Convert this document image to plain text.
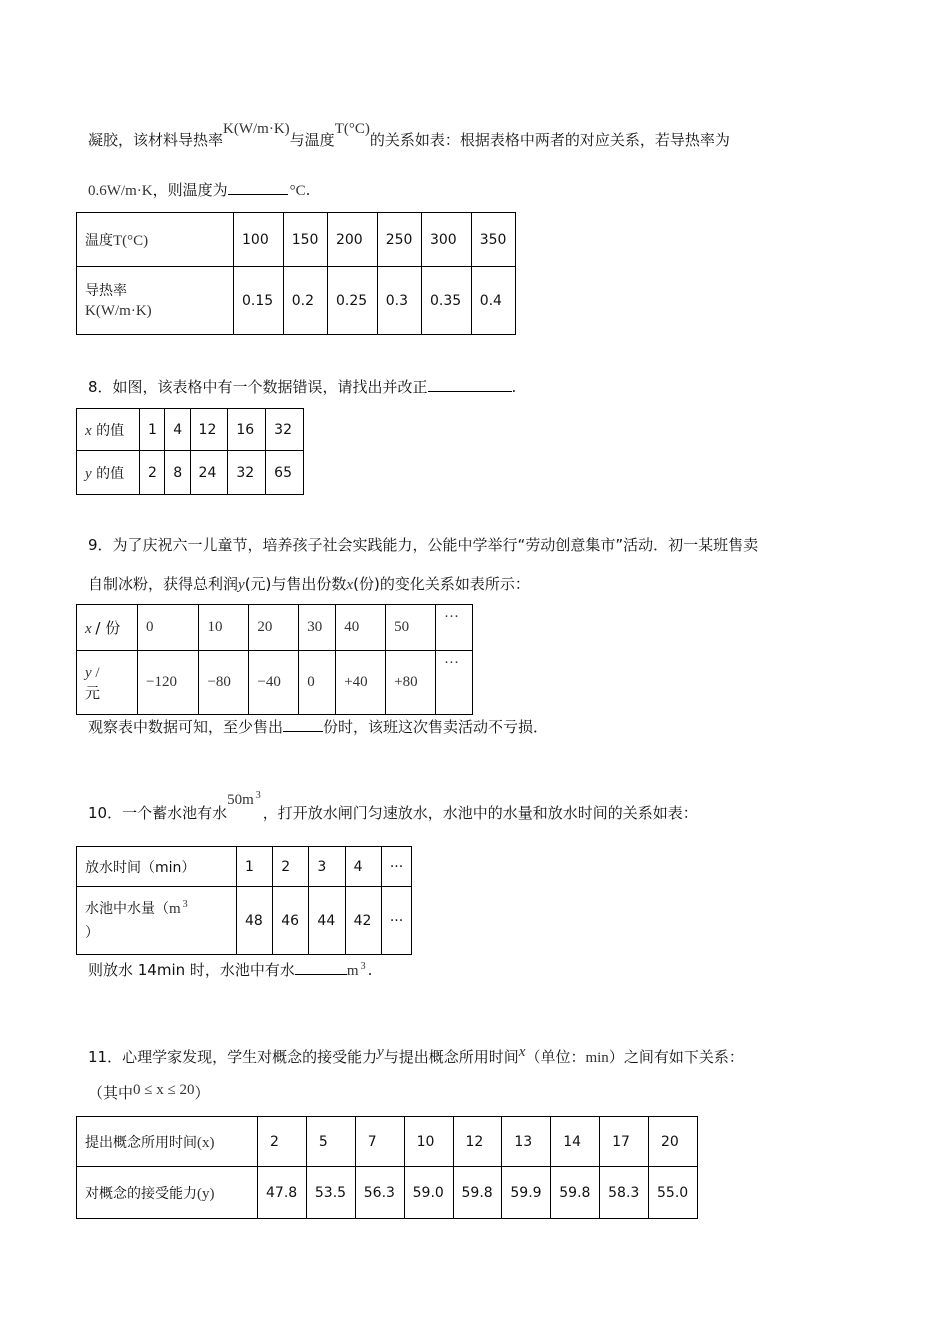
凝胶，该材料导热率K(W/m·K)与温度T(°C)的关系如表：根据表格中两者的对应关系，若导热率为
0.6W/m·K，则温度为	°C.
温度T(°C)	100	150	200	250	300	350

导热率
K(W/m·K)	0.15	0.2	0.25	0.3	0.35	0.4
8．如图，该表格中有一个数据错误，请找出并改正	.
x 的值	1	4	12	16	32
y 的值	2	8	24	32	65
9．为了庆祝六一儿童节，培养孩子社会实践能力，公能中学举行“劳动创意集市”活动．初一某班售卖
自制冰粉，获得总利润y(元)与售出份数x(份)的变化关系如表所示：
x / 份	0	10	20	30	40	50	···

y /
元	−120	−80	−40	0	+40	+80	···
观察表中数据可知，至少售出	份时，该班这次售卖活动不亏损．
10．一个蓄水池有水50m $^3$，打开放水闸门匀速放水，水池中的水量和放水时间的关系如表：
放水时间（min）	1	2	3	4	···
水池中水量（m $^3$
）	48	46	44	42	···
则放水 14min 时，水池中有水	m $^3$ .
11．心理学家发现，学生对概念的接受能力y与提出概念所用时间x（单位：min）之间有如下关系：
（其中0 ≤ x ≤ 20）
提出概念所用时间(x)	2	5	7	10	12	13	14	17	20
对概念的接受能力(y)	47.8	53.5	56.3	59.0	59.8	59.9	59.8	58.3	55.0
